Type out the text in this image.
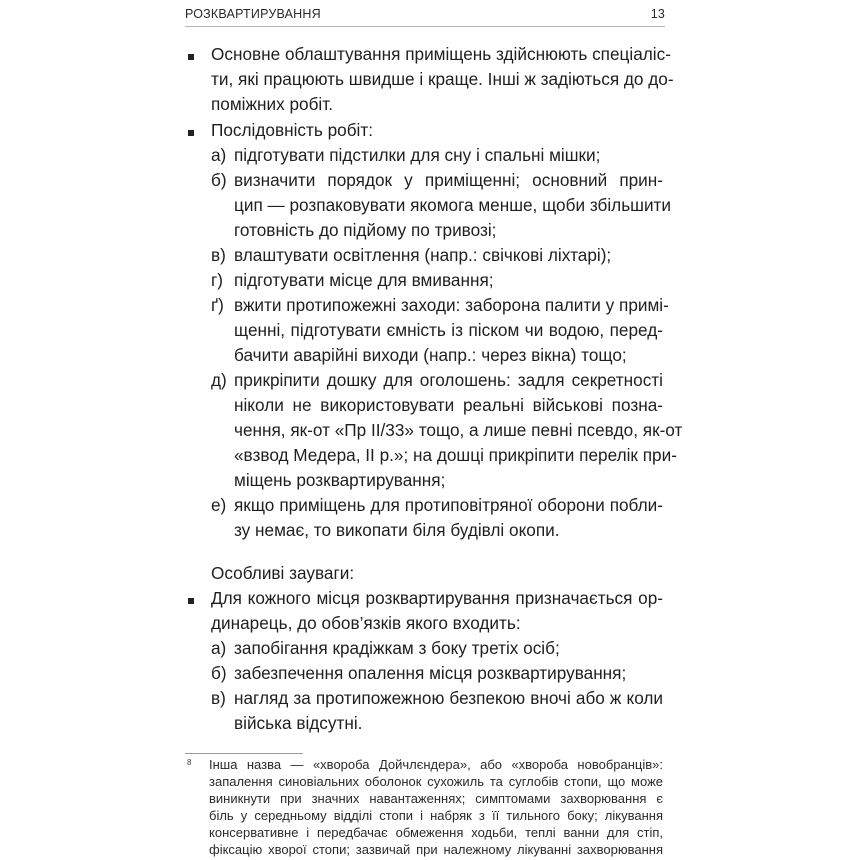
РОЗКВАРТИРУВАННЯ	13
Основне облаштування приміщень здійснюють спеціаліс-
ти, які працюють швидше і краще. Інші ж задіються до до-
поміжних робіт.
Послідовність робіт:
а) підготувати підстилки для сну і спальні мішки;
б) визначити порядок у приміщенні; основний прин-
цип — розпаковувати якомога менше, щоби збільшити
готовність до підйому по тривозі;
в) влаштувати освітлення (напр.: свічкові ліхтарі);
г) підготувати місце для вмивання;
ґ) вжити протипожежні заходи: заборона палити у примі-
щенні, підготувати ємність із піском чи водою, перед-
бачити аварійні виходи (напр.: через вікна) тощо;
д) прикріпити дошку для оголошень: задля секретності
ніколи не використовувати реальні військові позна-
чення, як-от «Пр ІІ/33» тощо, а лише певні псевдо, як-от
«взвод Медера, ІІ р.»; на дошці прикріпити перелік при-
міщень розквартирування;
е) якщо приміщень для протиповітряної оборони побли-
зу немає, то викопати біля будівлі окопи.
Особливі зауваги:
Для кожного місця розквартирування призначається ор-
динарець, до обов’язків якого входить:
а) запобігання крадіжкам з боку третіх осіб;
б) забезпечення опалення місця розквартирування;
в) нагляд за протипожежною безпекою вночі або ж коли
війська відсутні.
8 Інша назва — «хвороба Дойчлєндера», або «хвороба новобранців»:
запалення синовіальних оболонок сухожиль та суглобів стопи, що може
виникнути при значних навантаженнях; симптомами захворювання є
біль у середньому відділі стопи і набряк з її тильного боку; лікування
консервативне і передбачає обмеження ходьби, теплі ванни для стіп,
фіксацію хворої стопи; зазвичай при належному лікуванні захворювання
